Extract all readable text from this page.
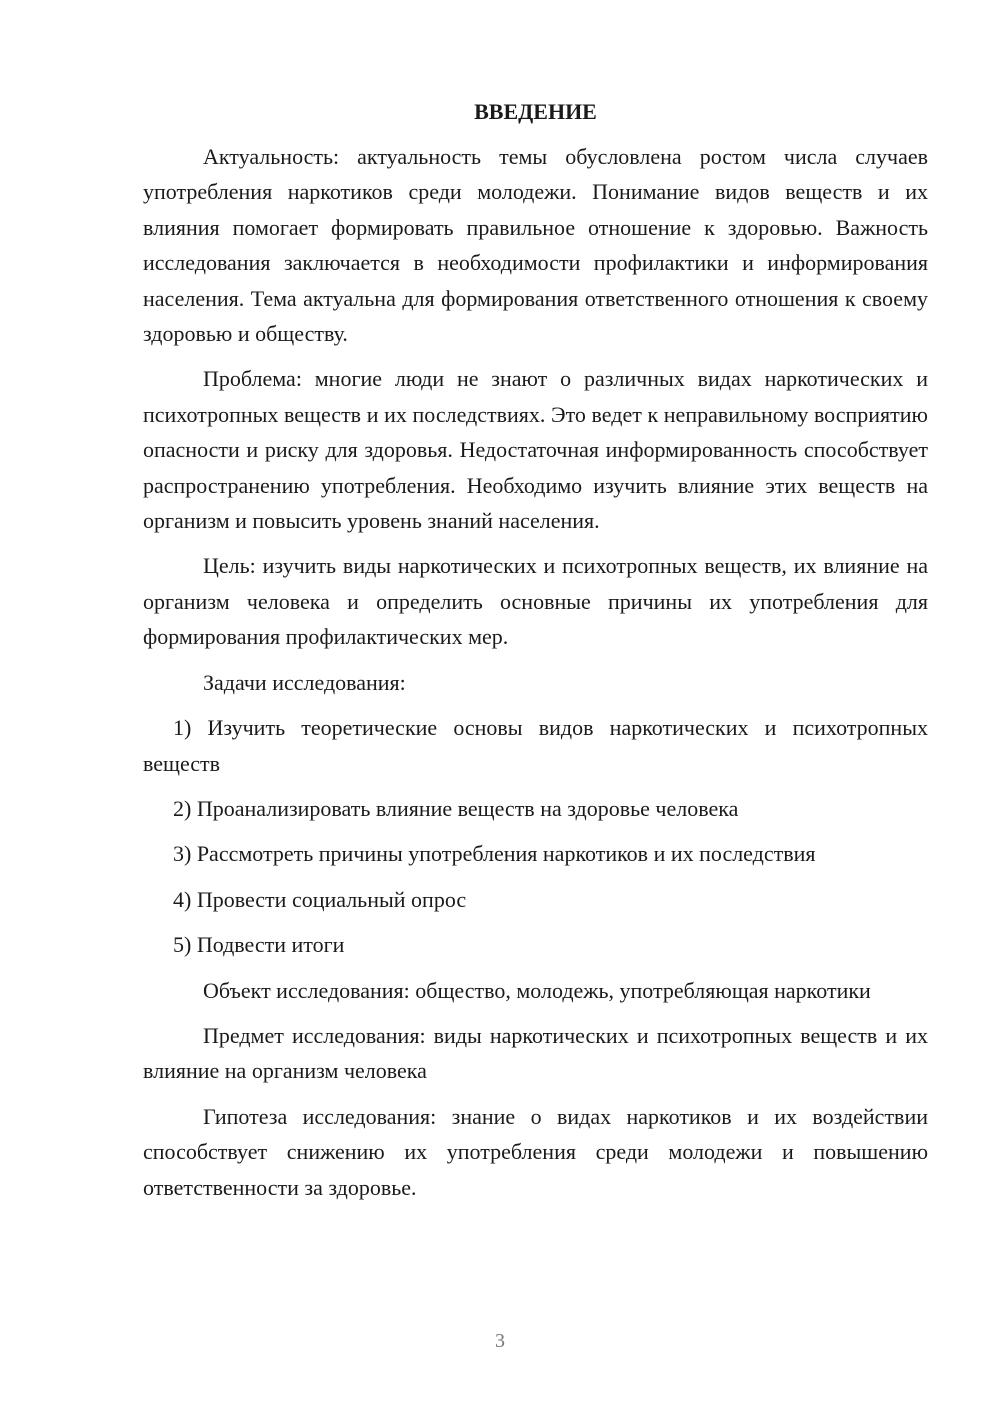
ВВЕДЕНИЕ

Актуальность: актуальность темы обусловлена ростом числа случаев употребления наркотиков среди молодежи. Понимание видов веществ и их влияния помогает формировать правильное отношение к здоровью. Важность исследования заключается в необходимости профилактики и информирования населения. Тема актуальна для формирования ответственного отношения к своему здоровью и обществу.

Проблема: многие люди не знают о различных видах наркотических и психотропных веществ и их последствиях. Это ведет к неправильному восприятию опасности и риску для здоровья. Недостаточная информированность способствует распространению употребления. Необходимо изучить влияние этих веществ на организм и повысить уровень знаний населения.

Цель: изучить виды наркотических и психотропных веществ, их влияние на организм человека и определить основные причины их употребления для формирования профилактических мер.

Задачи исследования:

1) Изучить теоретические основы видов наркотических и психотропных веществ

2) Проанализировать влияние веществ на здоровье человека

3) Рассмотреть причины употребления наркотиков и их последствия

4) Провести социальный опрос

5) Подвести итоги

Объект исследования: общество, молодежь, употребляющая наркотики

Предмет исследования: виды наркотических и психотропных веществ и их влияние на организм человека

Гипотеза исследования: знание о видах наркотиков и их воздействии способствует снижению их употребления среди молодежи и повышению ответственности за здоровье.

3
